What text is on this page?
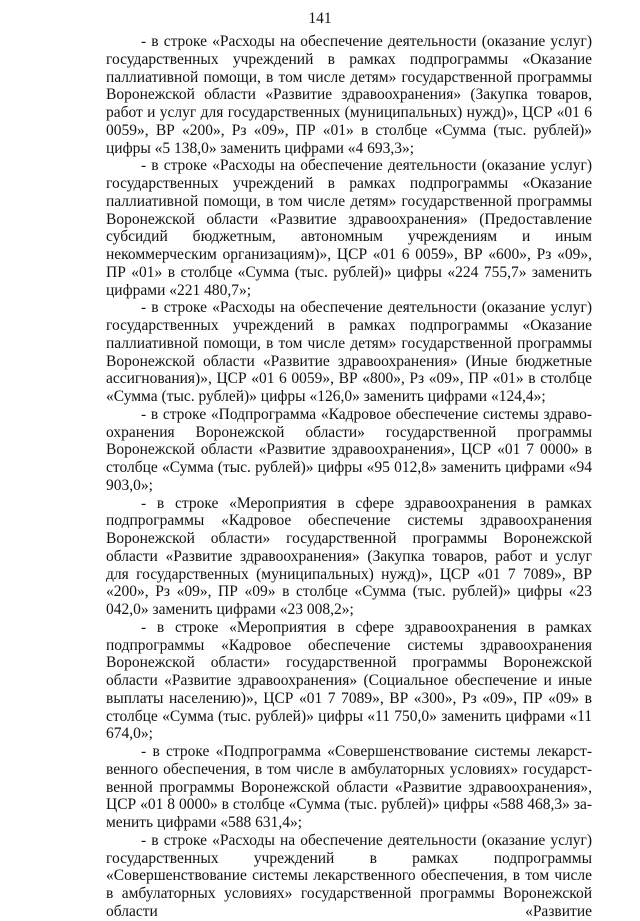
141

- в строке «Расходы на обеспечение деятельности (оказание услуг) государственных учреждений в рамках подпрограммы «Оказание паллиативной помощи, в том числе детям» государственной программы Воронежской области «Развитие здравоохранения» (Закупка товаров, работ и услуг для государственных (муниципальных) нужд)», ЦСР «01 6 0059», ВР «200», Рз «09», ПР «01» в столбце «Сумма (тыс. рублей)» цифры «5 138,0» заменить цифрами «4 693,3»;

- в строке «Расходы на обеспечение деятельности (оказание услуг) государственных учреждений в рамках подпрограммы «Оказание паллиативной помощи, в том числе детям» государственной программы Воронежской области «Развитие здравоохранения» (Предоставление субсидий бюджетным, автономным учреждениям и иным некоммерческим организациям)», ЦСР «01 6 0059», ВР «600», Рз «09», ПР «01» в столбце «Сумма (тыс. рублей)» цифры «224 755,7» заменить цифрами «221 480,7»;

- в строке «Расходы на обеспечение деятельности (оказание услуг) государственных учреждений в рамках подпрограммы «Оказание паллиативной помощи, в том числе детям» государственной программы Воронежской области «Развитие здравоохранения» (Иные бюджетные ассигнования)», ЦСР «01 6 0059», ВР «800», Рз «09», ПР «01» в столбце «Сумма (тыс. рублей)» цифры «126,0» заменить цифрами «124,4»;

- в строке «Подпрограмма «Кадровое обеспечение системы здравоохранения Воронежской области» государственной программы Воронежской области «Развитие здравоохранения», ЦСР «01 7 0000» в столбце «Сумма (тыс. рублей)» цифры «95 012,8» заменить цифрами «94 903,0»;

- в строке «Мероприятия в сфере здравоохранения в рамках подпрограммы «Кадровое обеспечение системы здравоохранения Воронежской области» государственной программы Воронежской области «Развитие здравоохранения» (Закупка товаров, работ и услуг для государственных (муниципальных) нужд)», ЦСР «01 7 7089», ВР «200», Рз «09», ПР «09» в столбце «Сумма (тыс. рублей)» цифры «23 042,0» заменить цифрами «23 008,2»;

- в строке «Мероприятия в сфере здравоохранения в рамках подпрограммы «Кадровое обеспечение системы здравоохранения Воронежской области» государственной программы Воронежской области «Развитие здравоохранения» (Социальное обеспечение и иные выплаты населению)», ЦСР «01 7 7089», ВР «300», Рз «09», ПР «09» в столбце «Сумма (тыс. рублей)» цифры «11 750,0» заменить цифрами «11 674,0»;

- в строке «Подпрограмма «Совершенствование системы лекарственного обеспечения, в том числе в амбулаторных условиях» государственной программы Воронежской области «Развитие здравоохранения», ЦСР «01 8 0000» в столбце «Сумма (тыс. рублей)» цифры «588 468,3» заменить цифрами «588 631,4»;

- в строке «Расходы на обеспечение деятельности (оказание услуг) государственных учреждений в рамках подпрограммы «Совершенствование системы лекарственного обеспечения, в том числе в амбулаторных условиях» государственной программы Воронежской области «Развитие
